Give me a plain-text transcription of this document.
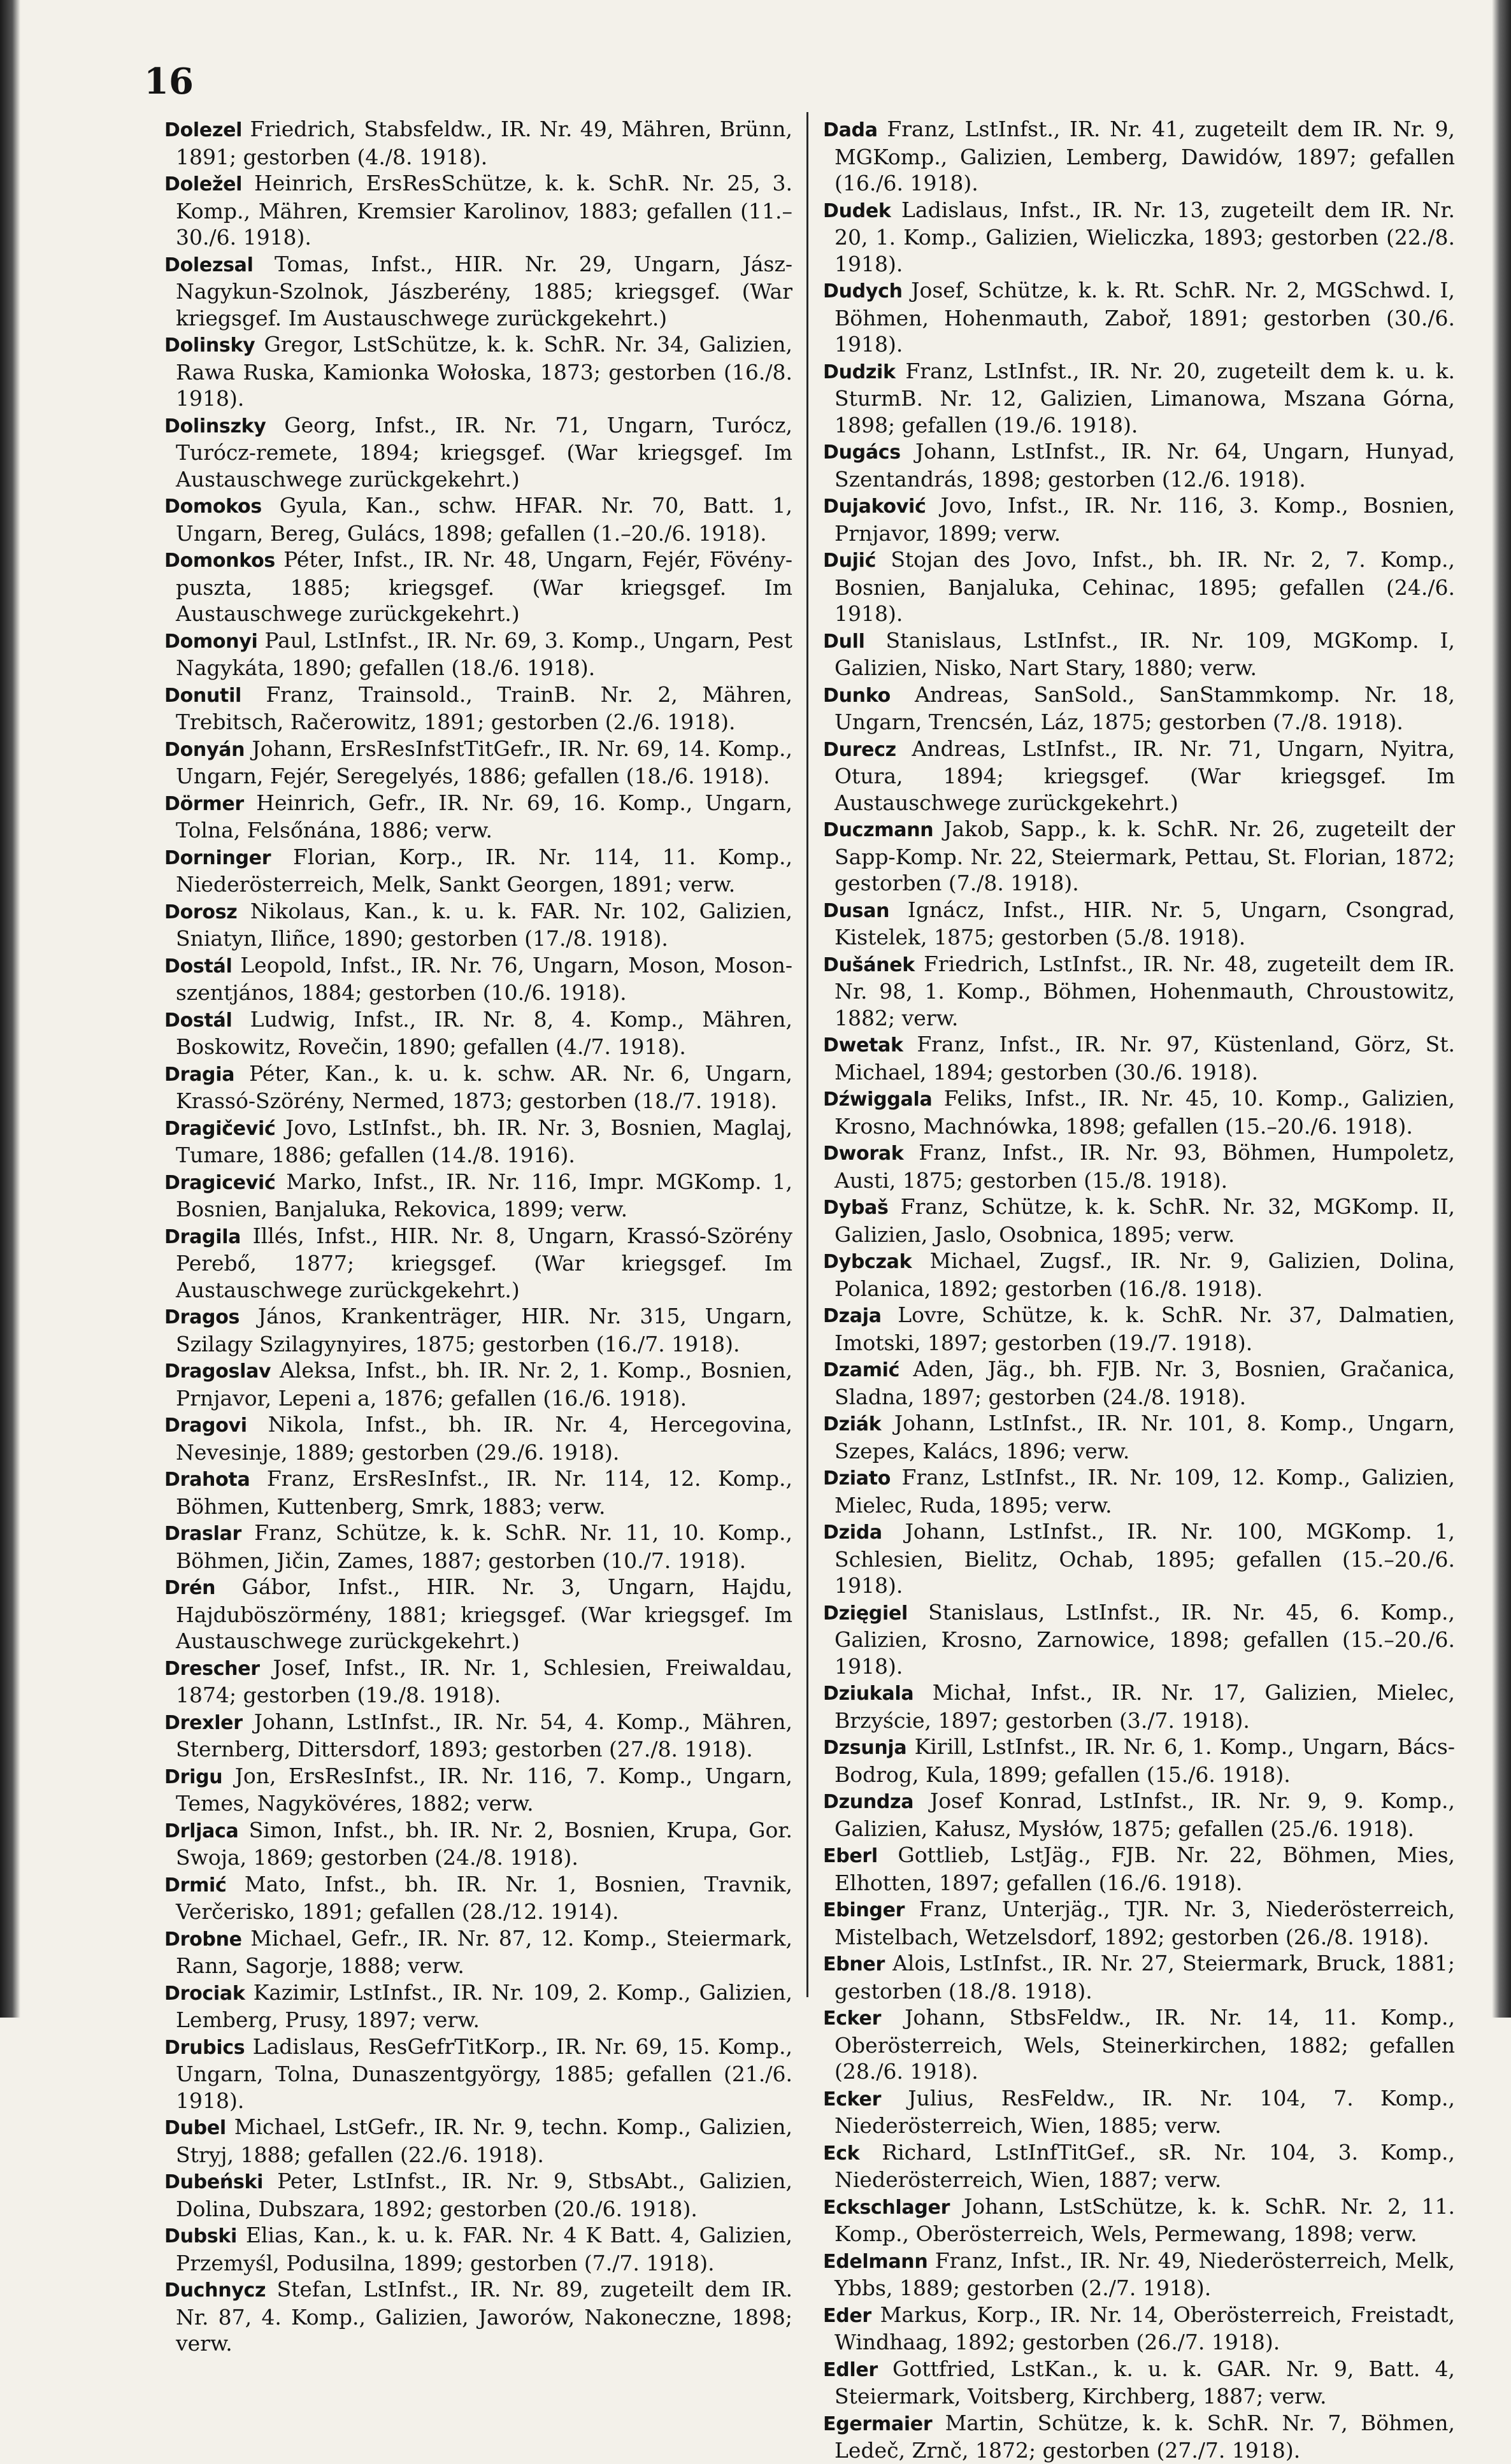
16

Dolezel Friedrich, Stabsfeldw., IR. Nr. 49, Mähren, Brünn, 1891; gestorben (4./8. 1918).

Doležel Heinrich, ErsResSchütze, k. k. SchR. Nr. 25, 3. Komp., Mähren, Kremsier Karolinov, 1883; gefallen (11.–30./6. 1918).

Dolezsal Tomas, Infst., HIR. Nr. 29, Ungarn, Jász-Nagykun-Szolnok, Jászberény, 1885; kriegsgef. (War kriegsgef. Im Austauschwege zurückgekehrt.)

Dolinsky Gregor, LstSchütze, k. k. SchR. Nr. 34, Galizien, Rawa Ruska, Kamionka Wołoska, 1873; gestorben (16./8. 1918).

Dolinszky Georg, Infst., IR. Nr. 71, Ungarn, Turócz, Turócz-remete, 1894; kriegsgef. (War kriegsgef. Im Austauschwege zurückgekehrt.)

Domokos Gyula, Kan., schw. HFAR. Nr. 70, Batt. 1, Ungarn, Bereg, Gulács, 1898; gefallen (1.–20./6. 1918).

Domonkos Péter, Infst., IR. Nr. 48, Ungarn, Fejér, Fövény-puszta, 1885; kriegsgef. (War kriegsgef. Im Austauschwege zurückgekehrt.)

Domonyi Paul, LstInfst., IR. Nr. 69, 3. Komp., Ungarn, Pest Nagykáta, 1890; gefallen (18./6. 1918).

Donutil Franz, Trainsold., TrainB. Nr. 2, Mähren, Trebitsch, Račerowitz, 1891; gestorben (2./6. 1918).

Donyán Johann, ErsResInfstTitGefr., IR. Nr. 69, 14. Komp., Ungarn, Fejér, Seregelyés, 1886; gefallen (18./6. 1918).

Dörmer Heinrich, Gefr., IR. Nr. 69, 16. Komp., Ungarn, Tolna, Felsőnána, 1886; verw.

Dorninger Florian, Korp., IR. Nr. 114, 11. Komp., Niederösterreich, Melk, Sankt Georgen, 1891; verw.

Dorosz Nikolaus, Kan., k. u. k. FAR. Nr. 102, Galizien, Sniatyn, Iliñce, 1890; gestorben (17./8. 1918).

Dostál Leopold, Infst., IR. Nr. 76, Ungarn, Moson, Moson-szentjános, 1884; gestorben (10./6. 1918).

Dostál Ludwig, Infst., IR. Nr. 8, 4. Komp., Mähren, Boskowitz, Rovečin, 1890; gefallen (4./7. 1918).

Dragia Péter, Kan., k. u. k. schw. AR. Nr. 6, Ungarn, Krassó-Szörény, Nermed, 1873; gestorben (18./7. 1918).

Dragičević Jovo, LstInfst., bh. IR. Nr. 3, Bosnien, Maglaj, Tumare, 1886; gefallen (14./8. 1916).

Dragicević Marko, Infst., IR. Nr. 116, Impr. MGKomp. 1, Bosnien, Banjaluka, Rekovica, 1899; verw.

Dragila Illés, Infst., HIR. Nr. 8, Ungarn, Krassó-Szörény Perebő, 1877; kriegsgef. (War kriegsgef. Im Austauschwege zurückgekehrt.)

Dragos János, Krankenträger, HIR. Nr. 315, Ungarn, Szilagy Szilagynyires, 1875; gestorben (16./7. 1918).

Dragoslav Aleksa, Infst., bh. IR. Nr. 2, 1. Komp., Bosnien, Prnjavor, Lepeni a, 1876; gefallen (16./6. 1918).

Dragovi Nikola, Infst., bh. IR. Nr. 4, Hercegovina, Nevesinje, 1889; gestorben (29./6. 1918).

Drahota Franz, ErsResInfst., IR. Nr. 114, 12. Komp., Böhmen, Kuttenberg, Smrk, 1883; verw.

Draslar Franz, Schütze, k. k. SchR. Nr. 11, 10. Komp., Böhmen, Jičin, Zames, 1887; gestorben (10./7. 1918).

Drén Gábor, Infst., HIR. Nr. 3, Ungarn, Hajdu, Hajduböszörmény, 1881; kriegsgef. (War kriegsgef. Im Austauschwege zurückgekehrt.)

Drescher Josef, Infst., IR. Nr. 1, Schlesien, Freiwaldau, 1874; gestorben (19./8. 1918).

Drexler Johann, LstInfst., IR. Nr. 54, 4. Komp., Mähren, Sternberg, Dittersdorf, 1893; gestorben (27./8. 1918).

Drigu Jon, ErsResInfst., IR. Nr. 116, 7. Komp., Ungarn, Temes, Nagykövéres, 1882; verw.

Drljaca Simon, Infst., bh. IR. Nr. 2, Bosnien, Krupa, Gor. Swoja, 1869; gestorben (24./8. 1918).

Drmić Mato, Infst., bh. IR. Nr. 1, Bosnien, Travnik, Verčerisko, 1891; gefallen (28./12. 1914).

Drobne Michael, Gefr., IR. Nr. 87, 12. Komp., Steiermark, Rann, Sagorje, 1888; verw.

Drociak Kazimir, LstInfst., IR. Nr. 109, 2. Komp., Galizien, Lemberg, Prusy, 1897; verw.

Drubics Ladislaus, ResGefrTitKorp., IR. Nr. 69, 15. Komp., Ungarn, Tolna, Dunaszentgyörgy, 1885; gefallen (21./6. 1918).

Dubel Michael, LstGefr., IR. Nr. 9, techn. Komp., Galizien, Stryj, 1888; gefallen (22./6. 1918).

Dubeński Peter, LstInfst., IR. Nr. 9, StbsAbt., Galizien, Dolina, Dubszara, 1892; gestorben (20./6. 1918).

Dubski Elias, Kan., k. u. k. FAR. Nr. 4 K Batt. 4, Galizien, Przemyśl, Podusilna, 1899; gestorben (7./7. 1918).

Duchnycz Stefan, LstInfst., IR. Nr. 89, zugeteilt dem IR. Nr. 87, 4. Komp., Galizien, Jaworów, Nakonecznе, 1898; verw.

Dada Franz, LstInfst., IR. Nr. 41, zugeteilt dem IR. Nr. 9, MGKomp., Galizien, Lemberg, Dawidów, 1897; gefallen (16./6. 1918).

Dudek Ladislaus, Infst., IR. Nr. 13, zugeteilt dem IR. Nr. 20, 1. Komp., Galizien, Wieliczka, 1893; gestorben (22./8. 1918).

Dudych Josef, Schütze, k. k. Rt. SchR. Nr. 2, MGSchwd. I, Böhmen, Hohenmauth, Zaboř, 1891; gestorben (30./6. 1918).

Dudzik Franz, LstInfst., IR. Nr. 20, zugeteilt dem k. u. k. SturmB. Nr. 12, Galizien, Limanowa, Mszana Górna, 1898; gefallen (19./6. 1918).

Dugács Johann, LstInfst., IR. Nr. 64, Ungarn, Hunyad, Szentandrás, 1898; gestorben (12./6. 1918).

Dujaković Jovo, Infst., IR. Nr. 116, 3. Komp., Bosnien, Prnjavor, 1899; verw.

Dujić Stojan des Jovo, Infst., bh. IR. Nr. 2, 7. Komp., Bosnien, Banjaluka, Cehinac, 1895; gefallen (24./6. 1918).

Dull Stanislaus, LstInfst., IR. Nr. 109, MGKomp. I, Galizien, Nisko, Nart Stary, 1880; verw.

Dunko Andreas, SanSold., SanStammkomp. Nr. 18, Ungarn, Trencsén, Láz, 1875; gestorben (7./8. 1918).

Durecz Andreas, LstInfst., IR. Nr. 71, Ungarn, Nyitra, Otura, 1894; kriegsgef. (War kriegsgef. Im Austauschwege zurückgekehrt.)

Duczmann Jakob, Sapp., k. k. SchR. Nr. 26, zugeteilt der Sapp-Komp. Nr. 22, Steiermark, Pettau, St. Florian, 1872; gestorben (7./8. 1918).

Dusan Ignácz, Infst., HIR. Nr. 5, Ungarn, Csongrad, Kistelek, 1875; gestorben (5./8. 1918).

Dušánek Friedrich, LstInfst., IR. Nr. 48, zugeteilt dem IR. Nr. 98, 1. Komp., Böhmen, Hohenmauth, Chroustowitz, 1882; verw.

Dwetak Franz, Infst., IR. Nr. 97, Küstenland, Görz, St. Michael, 1894; gestorben (30./6. 1918).

Dźwiggala Feliks, Infst., IR. Nr. 45, 10. Komp., Galizien, Krosno, Machnówka, 1898; gefallen (15.–20./6. 1918).

Dworak Franz, Infst., IR. Nr. 93, Böhmen, Humpoletz, Austi, 1875; gestorben (15./8. 1918).

Dybaš Franz, Schütze, k. k. SchR. Nr. 32, MGKomp. II, Galizien, Jaslo, Osobnica, 1895; verw.

Dybczak Michael, Zugsf., IR. Nr. 9, Galizien, Dolina, Polanica, 1892; gestorben (16./8. 1918).

Dzaja Lovre, Schütze, k. k. SchR. Nr. 37, Dalmatien, Imotski, 1897; gestorben (19./7. 1918).

Dzamić Aden, Jäg., bh. FJB. Nr. 3, Bosnien, Gračanica, Sladna, 1897; gestorben (24./8. 1918).

Dziák Johann, LstInfst., IR. Nr. 101, 8. Komp., Ungarn, Szepes, Kalács, 1896; verw.

Dziato Franz, LstInfst., IR. Nr. 109, 12. Komp., Galizien, Mielec, Ruda, 1895; verw.

Dzida Johann, LstInfst., IR. Nr. 100, MGKomp. 1, Schlesien, Bielitz, Ochab, 1895; gefallen (15.–20./6. 1918).

Dzięgiel Stanislaus, LstInfst., IR. Nr. 45, 6. Komp., Galizien, Krosno, Zarnowice, 1898; gefallen (15.–20./6. 1918).

Dziukala Michał, Infst., IR. Nr. 17, Galizien, Mielec, Brzyście, 1897; gestorben (3./7. 1918).

Dzsunja Kirill, LstInfst., IR. Nr. 6, 1. Komp., Ungarn, Bács-Bodrog, Kula, 1899; gefallen (15./6. 1918).

Dzundza Josef Konrad, LstInfst., IR. Nr. 9, 9. Komp., Galizien, Kałusz, Mysłów, 1875; gefallen (25./6. 1918).

Eberl Gottlieb, LstJäg., FJB. Nr. 22, Böhmen, Mies, Elhotten, 1897; gefallen (16./6. 1918).

Ebinger Franz, Unterjäg., TJR. Nr. 3, Niederösterreich, Mistelbach, Wetzelsdorf, 1892; gestorben (26./8. 1918).

Ebner Alois, LstInfst., IR. Nr. 27, Steiermark, Bruck, 1881; gestorben (18./8. 1918).

Ecker Johann, StbsFeldw., IR. Nr. 14, 11. Komp., Oberösterreich, Wels, Steinerkirchen, 1882; gefallen (28./6. 1918).

Ecker Julius, ResFeldw., IR. Nr. 104, 7. Komp., Niederösterreich, Wien, 1885; verw.

Eck Richard, LstInfTitGef., sR. Nr. 104, 3. Komp., Niederösterreich, Wien, 1887; verw.

Eckschlager Johann, LstSchütze, k. k. SchR. Nr. 2, 11. Komp., Oberösterreich, Wels, Permewang, 1898; verw.

Edelmann Franz, Infst., IR. Nr. 49, Niederösterreich, Melk, Ybbs, 1889; gestorben (2./7. 1918).

Eder Markus, Korp., IR. Nr. 14, Oberösterreich, Freistadt, Windhaag, 1892; gestorben (26./7. 1918).

Edler Gottfried, LstKan., k. u. k. GAR. Nr. 9, Batt. 4, Steiermark, Voitsberg, Kirchberg, 1887; verw.

Egermaier Martin, Schütze, k. k. SchR. Nr. 7, Böhmen, Ledeč, Zrnč, 1872; gestorben (27./7. 1918).
